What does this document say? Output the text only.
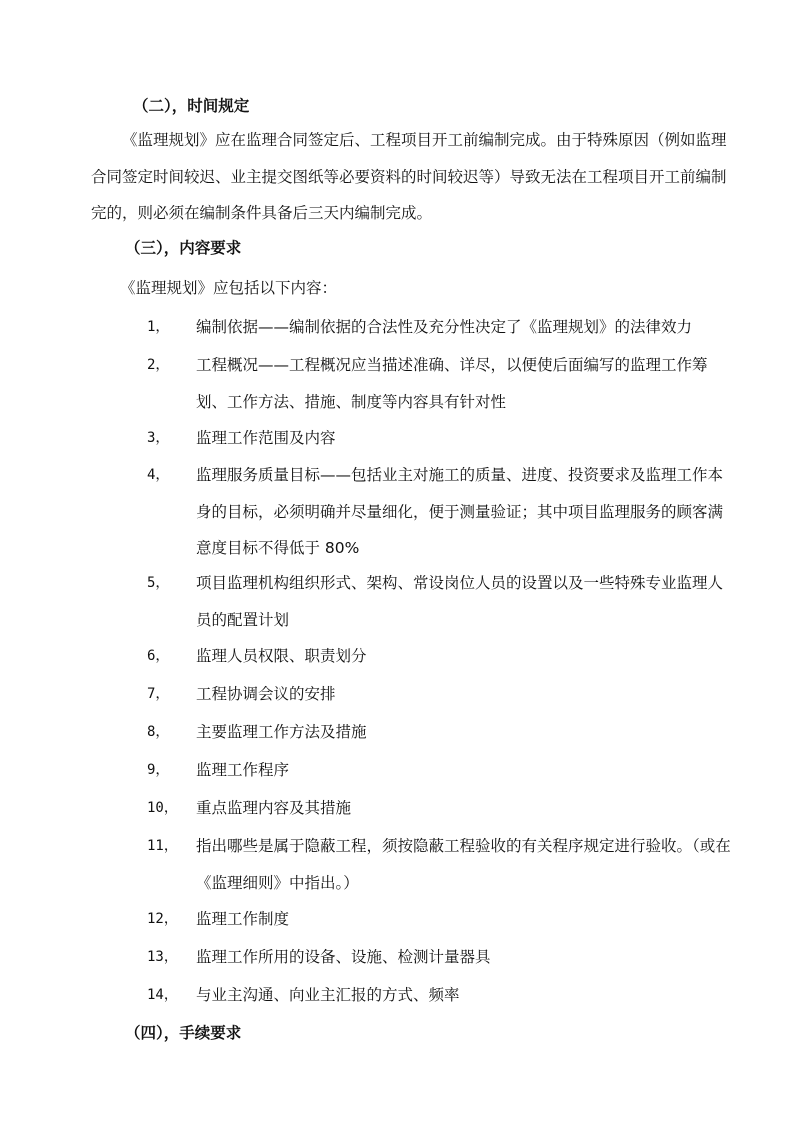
（二），时间规定

《监理规划》应在监理合同签定后、工程项目开工前编制完成。由于特殊原因（例如监理合同签定时间较迟、业主提交图纸等必要资料的时间较迟等）导致无法在工程项目开工前编制完的，则必须在编制条件具备后三天内编制完成。

（三），内容要求
《监理规划》应包括以下内容：
1， 编制依据——编制依据的合法性及充分性决定了《监理规划》的法律效力
2， 工程概况——工程概况应当描述准确、详尽，以便使后面编写的监理工作筹划、工作方法、措施、制度等内容具有针对性
3， 监理工作范围及内容
4， 监理服务质量目标——包括业主对施工的质量、进度、投资要求及监理工作本身的目标，必须明确并尽量细化，便于测量验证；其中项目监理服务的顾客满意度目标不得低于 80%
5， 项目监理机构组织形式、架构、常设岗位人员的设置以及一些特殊专业监理人员的配置计划
6， 监理人员权限、职责划分
7， 工程协调会议的安排
8， 主要监理工作方法及措施
9， 监理工作程序
10， 重点监理内容及其措施
11， 指出哪些是属于隐蔽工程，须按隐蔽工程验收的有关程序规定进行验收。（或在《监理细则》中指出。）
12， 监理工作制度
13， 监理工作所用的设备、设施、检测计量器具
14， 与业主沟通、向业主汇报的方式、频率
（四），手续要求
